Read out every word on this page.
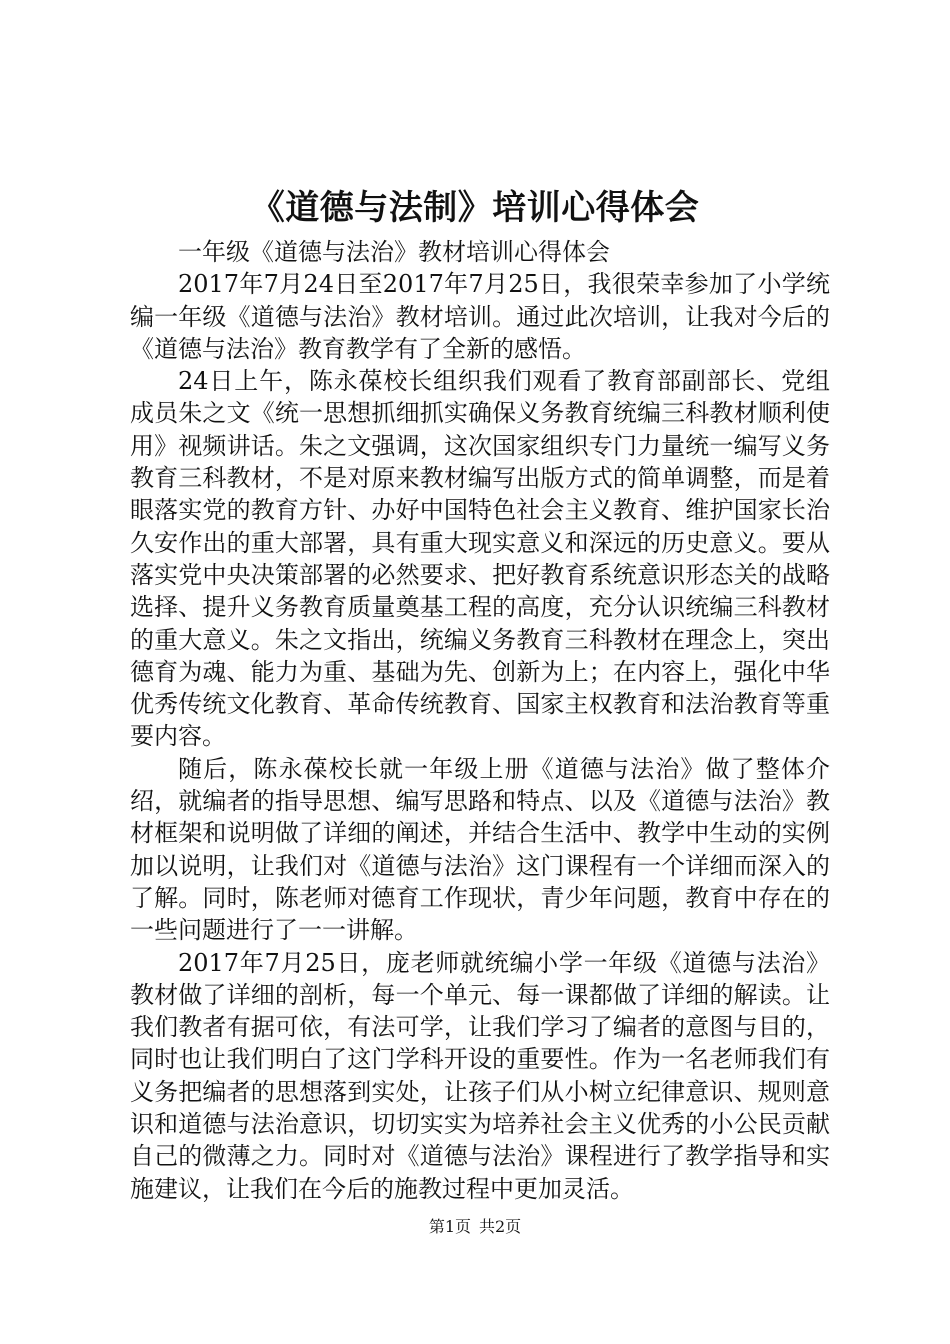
《道德与法制》培训心得体会

一年级《道德与法治》教材培训心得体会

2017年7月24日至2017年7月25日，我很荣幸参加了小学统编一年级《道德与法治》教材培训。通过此次培训，让我对今后的《道德与法治》教育教学有了全新的感悟。

24日上午，陈永葆校长组织我们观看了教育部副部长、党组成员朱之文《统一思想抓细抓实确保义务教育统编三科教材顺利使用》视频讲话。朱之文强调，这次国家组织专门力量统一编写义务教育三科教材，不是对原来教材编写出版方式的简单调整，而是着眼落实党的教育方针、办好中国特色社会主义教育、维护国家长治久安作出的重大部署，具有重大现实意义和深远的历史意义。要从落实党中央决策部署的必然要求、把好教育系统意识形态关的战略选择、提升义务教育质量奠基工程的高度，充分认识统编三科教材的重大意义。朱之文指出，统编义务教育三科教材在理念上，突出德育为魂、能力为重、基础为先、创新为上；在内容上，强化中华优秀传统文化教育、革命传统教育、国家主权教育和法治教育等重要内容。

随后，陈永葆校长就一年级上册《道德与法治》做了整体介绍，就编者的指导思想、编写思路和特点、以及《道德与法治》教材框架和说明做了详细的阐述，并结合生活中、教学中生动的实例加以说明，让我们对《道德与法治》这门课程有一个详细而深入的了解。同时，陈老师对德育工作现状，青少年问题，教育中存在的一些问题进行了一一讲解。

2017年7月25日，庞老师就统编小学一年级《道德与法治》教材做了详细的剖析，每一个单元、每一课都做了详细的解读。让我们教者有据可依，有法可学，让我们学习了编者的意图与目的，同时也让我们明白了这门学科开设的重要性。作为一名老师我们有义务把编者的思想落到实处，让孩子们从小树立纪律意识、规则意识和道德与法治意识，切切实实为培养社会主义优秀的小公民贡献自己的微薄之力。同时对《道德与法治》课程进行了教学指导和实施建议，让我们在今后的施教过程中更加灵活。

第1页 共2页
